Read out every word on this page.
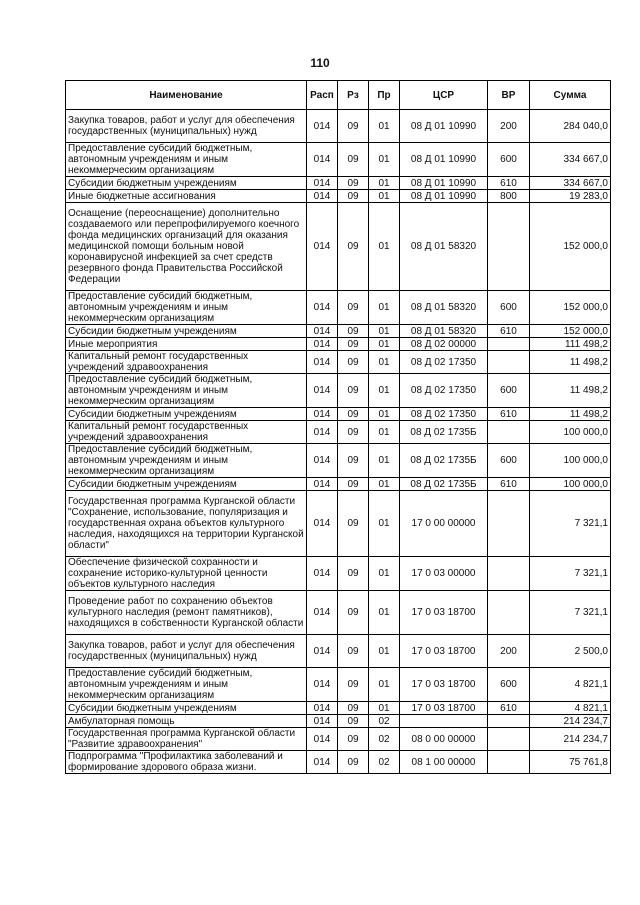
110
Наименование	Расп	Рз	Пр	ЦСР	ВР	Сумма
Закупка товаров, работ и услуг для обеспечения государственных (муниципальных) нужд	014	09	01	08 Д 01 10990	200	284 040,0
Предоставление субсидий бюджетным, автономным учреждениям и иным некоммерческим организациям	014	09	01	08 Д 01 10990	600	334 667,0
Субсидии бюджетным учреждениям	014	09	01	08 Д 01 10990	610	334 667,0
Иные бюджетные ассигнования	014	09	01	08 Д 01 10990	800	19 283,0
Оснащение (переоснащение) дополнительно создаваемого или перепрофилируемого коечного фонда медицинских организаций для оказания медицинской помощи больным новой коронавирусной инфекцией за счет средств резервного фонда Правительства Российской Федерации	014	09	01	08 Д 01 58320		152 000,0
Предоставление субсидий бюджетным, автономным учреждениям и иным некоммерческим организациям	014	09	01	08 Д 01 58320	600	152 000,0
Субсидии бюджетным учреждениям	014	09	01	08 Д 01 58320	610	152 000,0
Иные мероприятия	014	09	01	08 Д 02 00000		111 498,2
Капитальный ремонт государственных учреждений здравоохранения	014	09	01	08 Д 02 17350		11 498,2
Предоставление субсидий бюджетным, автономным учреждениям и иным некоммерческим организациям	014	09	01	08 Д 02 17350	600	11 498,2
Субсидии бюджетным учреждениям	014	09	01	08 Д 02 17350	610	11 498,2
Капитальный ремонт государственных учреждений здравоохранения	014	09	01	08 Д 02 1735Б		100 000,0
Предоставление субсидий бюджетным, автономным учреждениям и иным некоммерческим организациям	014	09	01	08 Д 02 1735Б	600	100 000,0
Субсидии бюджетным учреждениям	014	09	01	08 Д 02 1735Б	610	100 000,0
Государственная программа Курганской области "Сохранение, использование, популяризация и государственная охрана объектов культурного наследия, находящихся на территории Курганской области"	014	09	01	17 0 00 00000		7 321,1
Обеспечение физической сохранности и сохранение историко-культурной ценности объектов культурного наследия	014	09	01	17 0 03 00000		7 321,1
Проведение работ по сохранению объектов культурного наследия (ремонт памятников), находящихся в собственности Курганской области	014	09	01	17 0 03 18700		7 321,1
Закупка товаров, работ и услуг для обеспечения государственных (муниципальных) нужд	014	09	01	17 0 03 18700	200	2 500,0
Предоставление субсидий бюджетным, автономным учреждениям и иным некоммерческим организациям	014	09	01	17 0 03 18700	600	4 821,1
Субсидии бюджетным учреждениям	014	09	01	17 0 03 18700	610	4 821,1
Амбулаторная помощь	014	09	02			214 234,7
Государственная программа Курганской области "Развитие здравоохранения"	014	09	02	08 0 00 00000		214 234,7
Подпрограмма "Профилактика заболеваний и формирование здорового образа жизни.	014	09	02	08 1 00 00000		75 761,8
